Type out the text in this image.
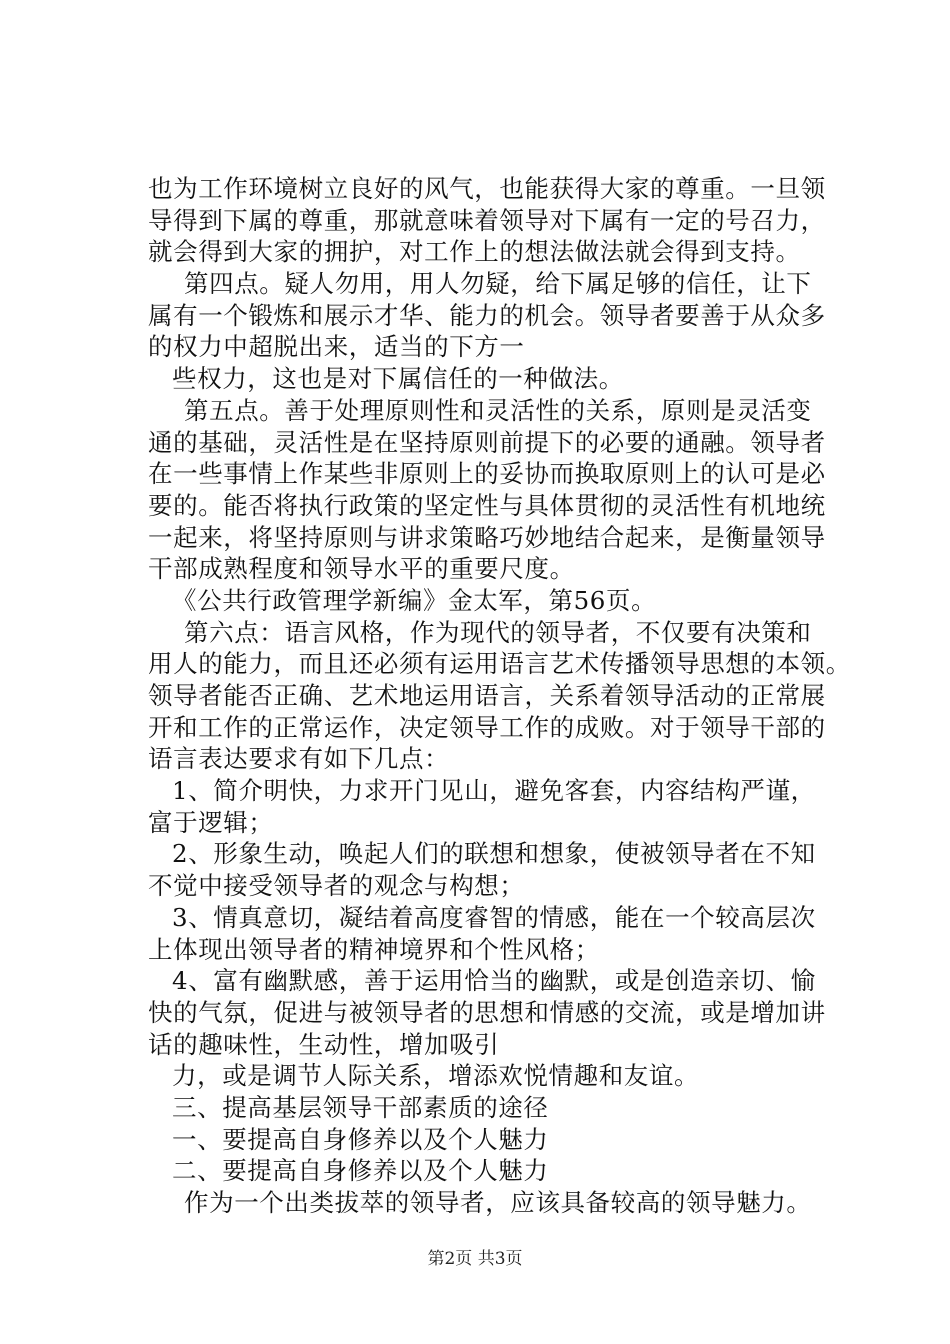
也为工作环境树立良好的风气，也能获得大家的尊重。一旦领
导得到下属的尊重，那就意味着领导对下属有一定的号召力，
就会得到大家的拥护，对工作上的想法做法就会得到支持。
第四点。疑人勿用，用人勿疑，给下属足够的信任，让下
属有一个锻炼和展示才华、能力的机会。领导者要善于从众多
的权力中超脱出来，适当的下方一
些权力，这也是对下属信任的一种做法。
第五点。善于处理原则性和灵活性的关系，原则是灵活变
通的基础，灵活性是在坚持原则前提下的必要的通融。领导者
在一些事情上作某些非原则上的妥协而换取原则上的认可是必
要的。能否将执行政策的坚定性与具体贯彻的灵活性有机地统
一起来，将坚持原则与讲求策略巧妙地结合起来，是衡量领导
干部成熟程度和领导水平的重要尺度。
《公共行政管理学新编》金太军，第56页。
第六点：语言风格，作为现代的领导者，不仅要有决策和
用人的能力，而且还必须有运用语言艺术传播领导思想的本领。
领导者能否正确、艺术地运用语言，关系着领导活动的正常展
开和工作的正常运作，决定领导工作的成败。对于领导干部的
语言表达要求有如下几点：
1、简介明快，力求开门见山，避免客套，内容结构严谨，
富于逻辑；
2、形象生动，唤起人们的联想和想象，使被领导者在不知
不觉中接受领导者的观念与构想；
3、情真意切，凝结着高度睿智的情感，能在一个较高层次
上体现出领导者的精神境界和个性风格；
4、富有幽默感，善于运用恰当的幽默，或是创造亲切、愉
快的气氛，促进与被领导者的思想和情感的交流，或是增加讲
话的趣味性，生动性，增加吸引
力，或是调节人际关系，增添欢悦情趣和友谊。
三、提高基层领导干部素质的途径
一、要提高自身修养以及个人魅力
二、要提高自身修养以及个人魅力
作为一个出类拔萃的领导者，应该具备较高的领导魅力。
第2页 共3页
